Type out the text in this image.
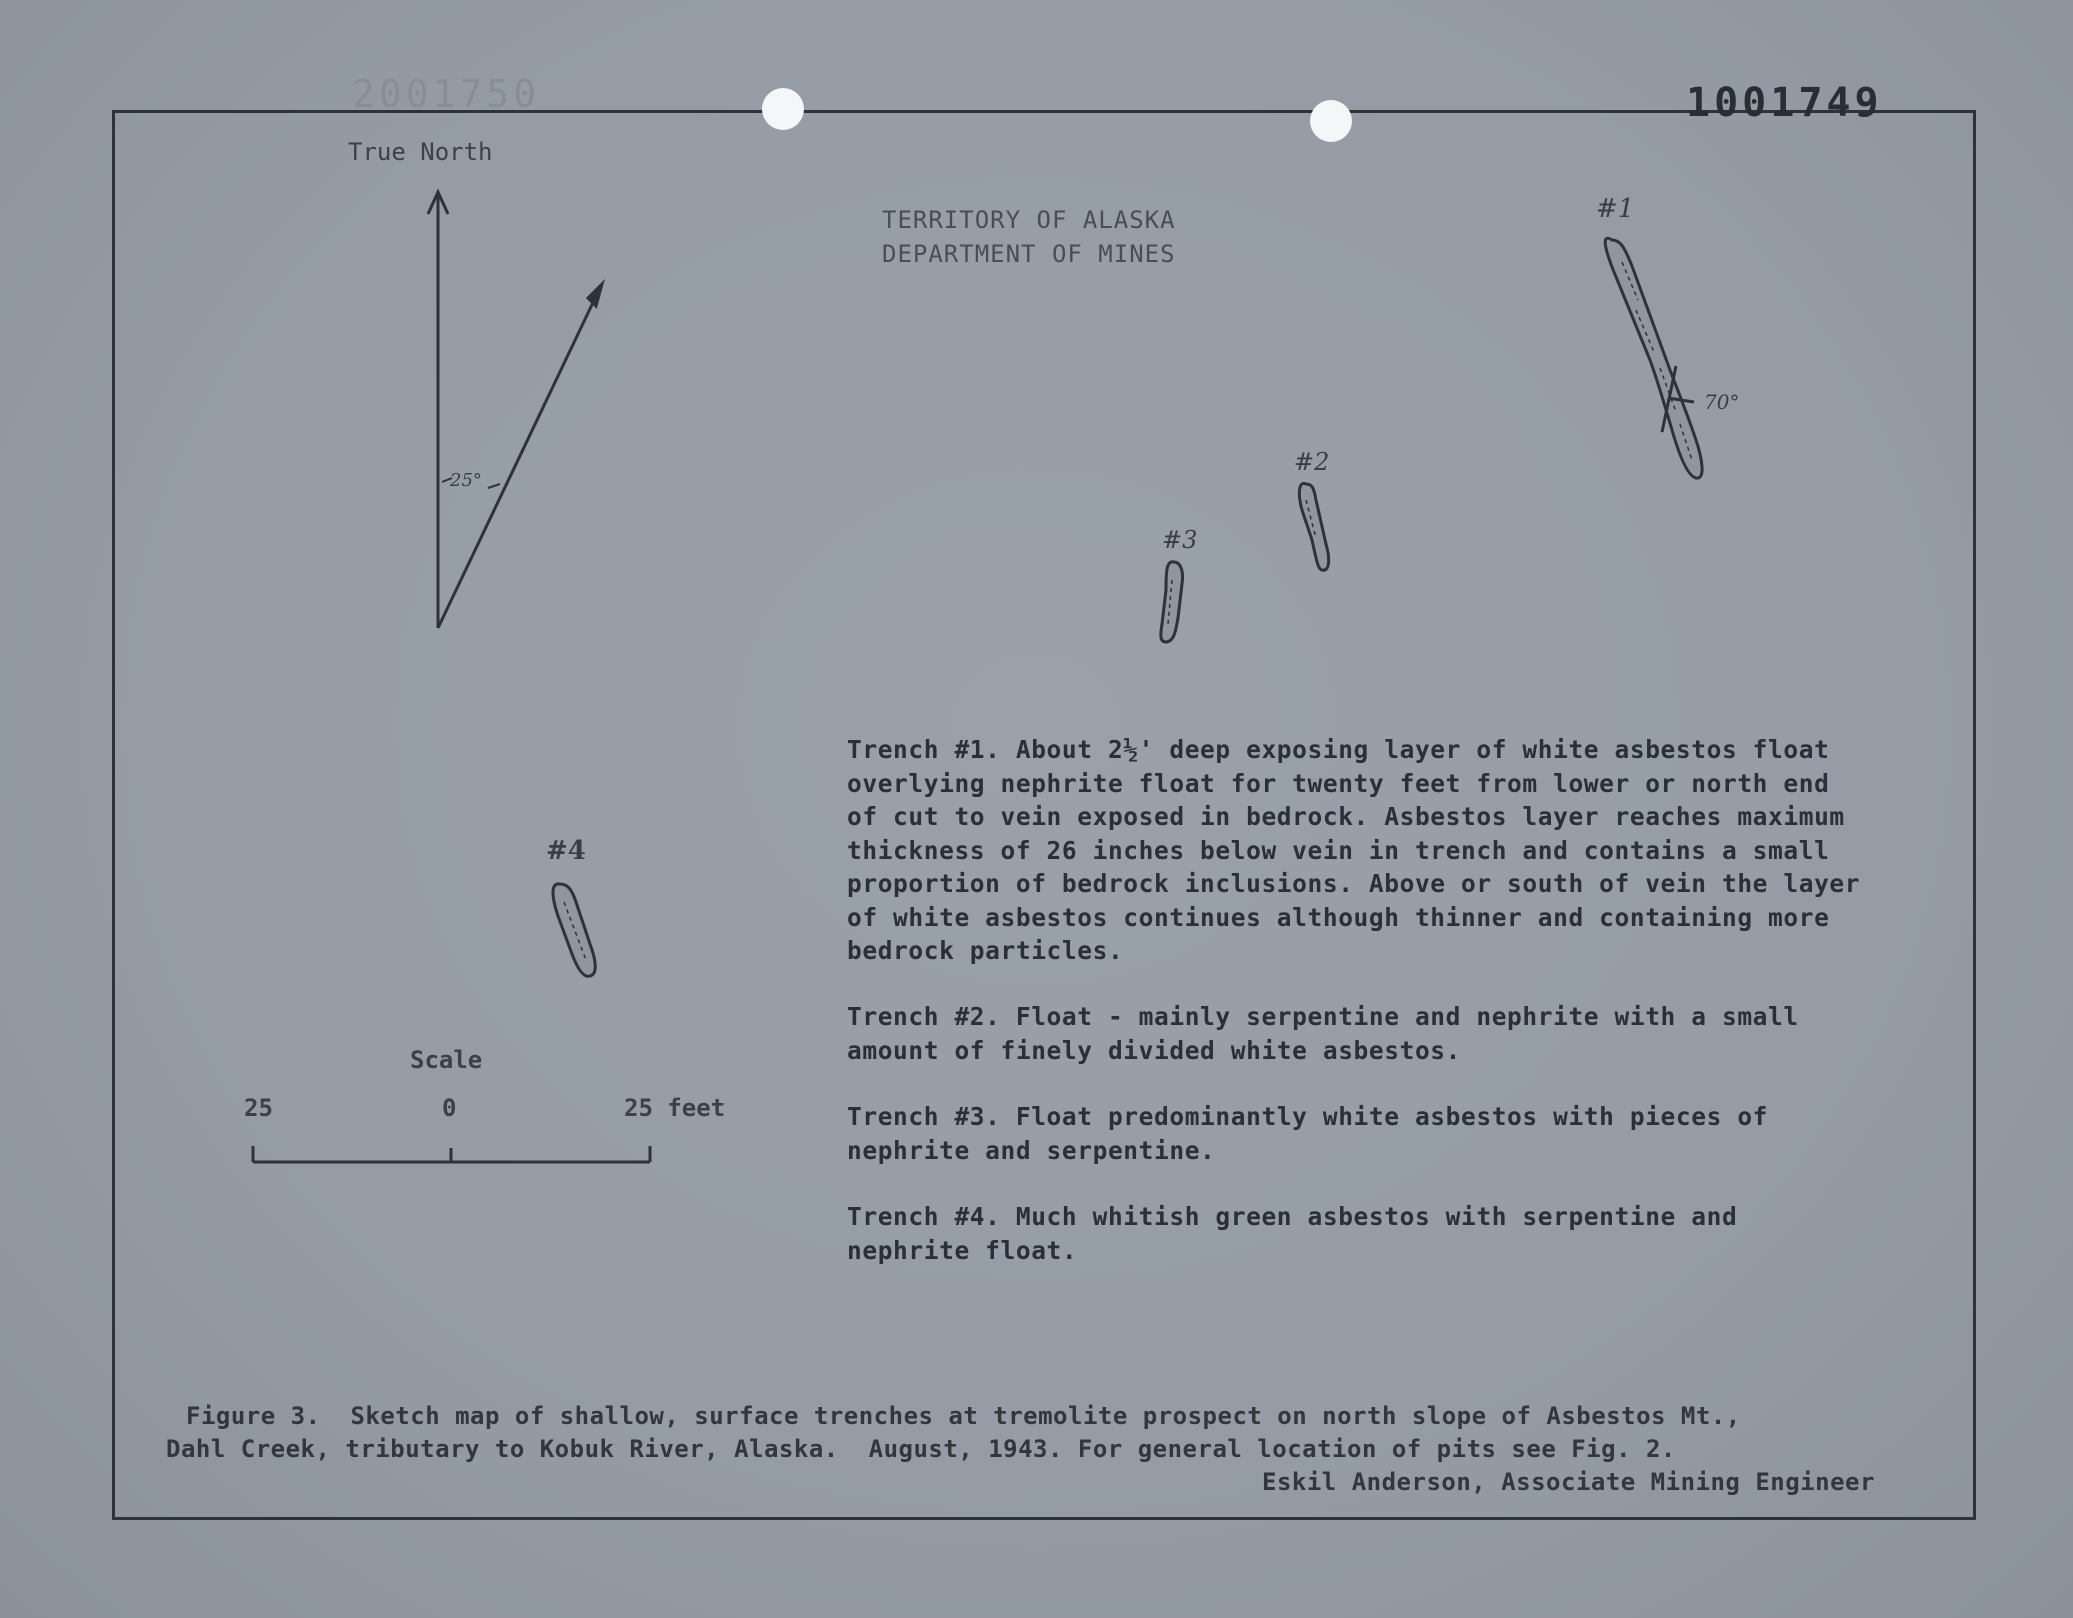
2001750	1001749
TERRITORY OF ALASKA
DEPARTMENT OF MINES
True North
25°
#1
70°
#2
#3
#4
Scale
25	0	25 feet
Trench #1. About 2½' deep exposing layer of white asbestos float
overlying nephrite float for twenty feet from lower or north end
of cut to vein exposed in bedrock. Asbestos layer reaches maximum
thickness of 26 inches below vein in trench and contains a small
proportion of bedrock inclusions. Above or south of vein the layer
of white asbestos continues although thinner and containing more
bedrock particles.
Trench #2. Float - mainly serpentine and nephrite with a small
amount of finely divided white asbestos.
Trench #3. Float predominantly white asbestos with pieces of
nephrite and serpentine.
Trench #4. Much whitish green asbestos with serpentine and
nephrite float.
Figure 3.  Sketch map of shallow, surface trenches at tremolite prospect on north slope of Asbestos Mt.,
Dahl Creek, tributary to Kobuk River, Alaska.  August, 1943. For general location of pits see Fig. 2.
Eskil Anderson, Associate Mining Engineer
